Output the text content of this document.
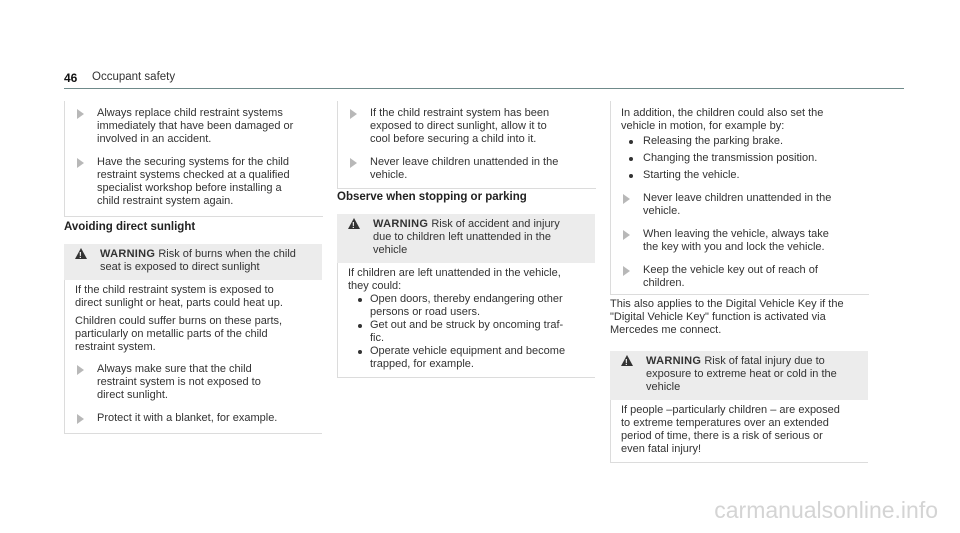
46 Occupant safety

Always replace child restraint systems

immediately that have been damaged or

involved in an accident.

Have the securing systems for the child

restraint systems checked at a qualified

specialist workshop before installing a

child restraint system again.

Avoiding direct sunlight
!

WARNING Risk of burns when the child

seat is exposed to direct sunlight

If the child restraint system is exposed to

direct sunlight or heat, parts could heat up.

Children could suffer burns on these parts,

particularly on metallic parts of the child

restraint system.

Always make sure that the child

restraint system is not exposed to

direct sunlight.

Protect it with a blanket, for example.

If the child restraint system has been

exposed to direct sunlight, allow it to

cool before securing a child into it.

Never leave children unattended in the

vehicle.

Observe when stopping or parking
!

WARNING Risk of accident and injury

due to children left unattended in the

vehicle

If children are left unattended in the vehicle,

they could:

Open doors, thereby endangering other

persons or road users.

Get out and be struck by oncoming traf-

fic.

Operate vehicle equipment and become

trapped, for example.

In addition, the children could also set the

vehicle in motion, for example by:

Releasing the parking brake.

Changing the transmission position.

Starting the vehicle.

Never leave children unattended in the

vehicle.

When leaving the vehicle, always take

the key with you and lock the vehicle.

Keep the vehicle key out of reach of

children.

This also applies to the Digital Vehicle Key if the

"Digital Vehicle Key" function is activated via

Mercedes me connect.

!

WARNING Risk of fatal injury due to

exposure to extreme heat or cold in the

vehicle

If people –particularly children – are exposed

to extreme temperatures over an extended

period of time, there is a risk of serious or

even fatal injury!

carmanualsonline.info
